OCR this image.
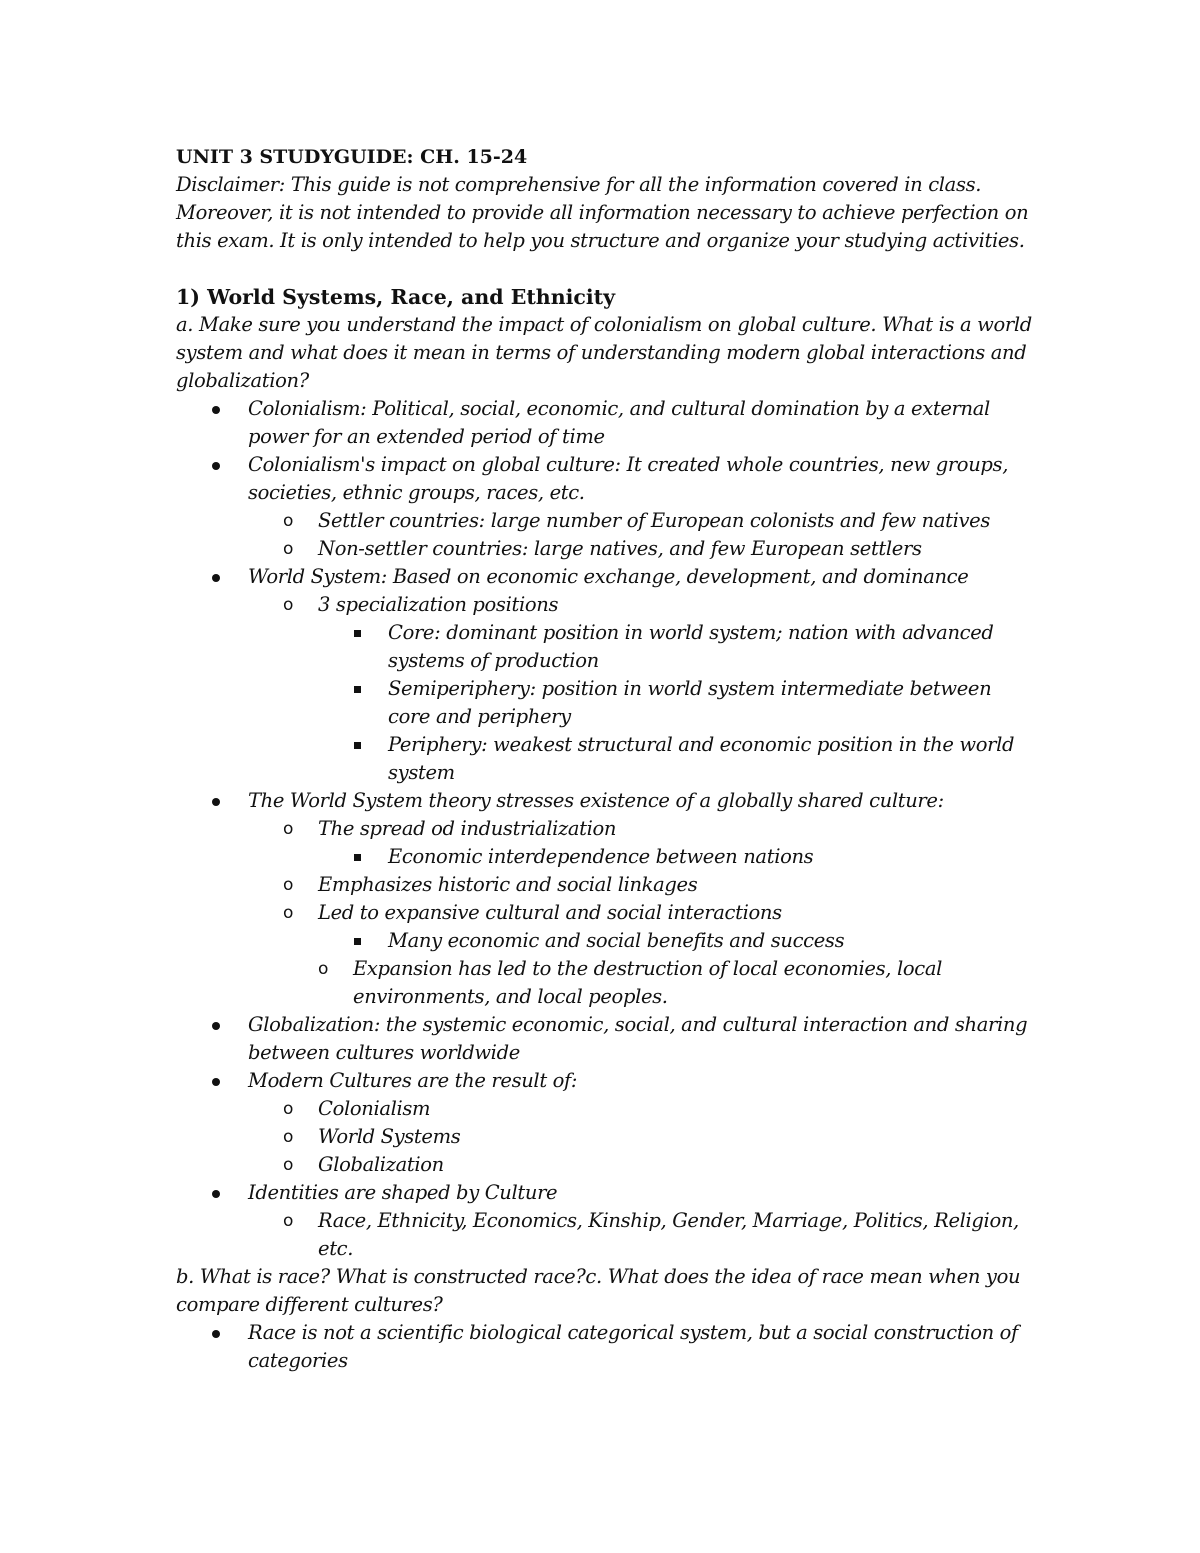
UNIT 3 STUDYGUIDE: CH. 15-24
Disclaimer: This guide is not comprehensive for all the information covered in class. Moreover, it is not intended to provide all information necessary to achieve perfection on this exam. It is only intended to help you structure and organize your studying activities.
1) World Systems, Race, and Ethnicity
a. Make sure you understand the impact of colonialism on global culture. What is a world system and what does it mean in terms of understanding modern global interactions and globalization?
Colonialism: Political, social, economic, and cultural domination by a external power for an extended period of time
Colonialism's impact on global culture: It created whole countries, new groups, societies, ethnic groups, races, etc.
o Settler countries: large number of European colonists and few natives
o Non-settler countries: large natives, and few European settlers
World System: Based on economic exchange, development, and dominance
o 3 specialization positions
Core: dominant position in world system; nation with advanced systems of production
Semiperiphery: position in world system intermediate between core and periphery
Periphery: weakest structural and economic position in the world system
The World System theory stresses existence of a globally shared culture:
o The spread od industrialization
Economic interdependence between nations
o Emphasizes historic and social linkages
o Led to expansive cultural and social interactions
Many economic and social benefits and success
o Expansion has led to the destruction of local economies, local environments, and local peoples.
Globalization: the systemic economic, social, and cultural interaction and sharing between cultures worldwide
Modern Cultures are the result of:
o Colonialism
o World Systems
o Globalization
Identities are shaped by Culture
o Race, Ethnicity, Economics, Kinship, Gender, Marriage, Politics, Religion, etc.
b. What is race? What is constructed race?c. What does the idea of race mean when you compare different cultures?
Race is not a scientific biological categorical system, but a social construction of categories
